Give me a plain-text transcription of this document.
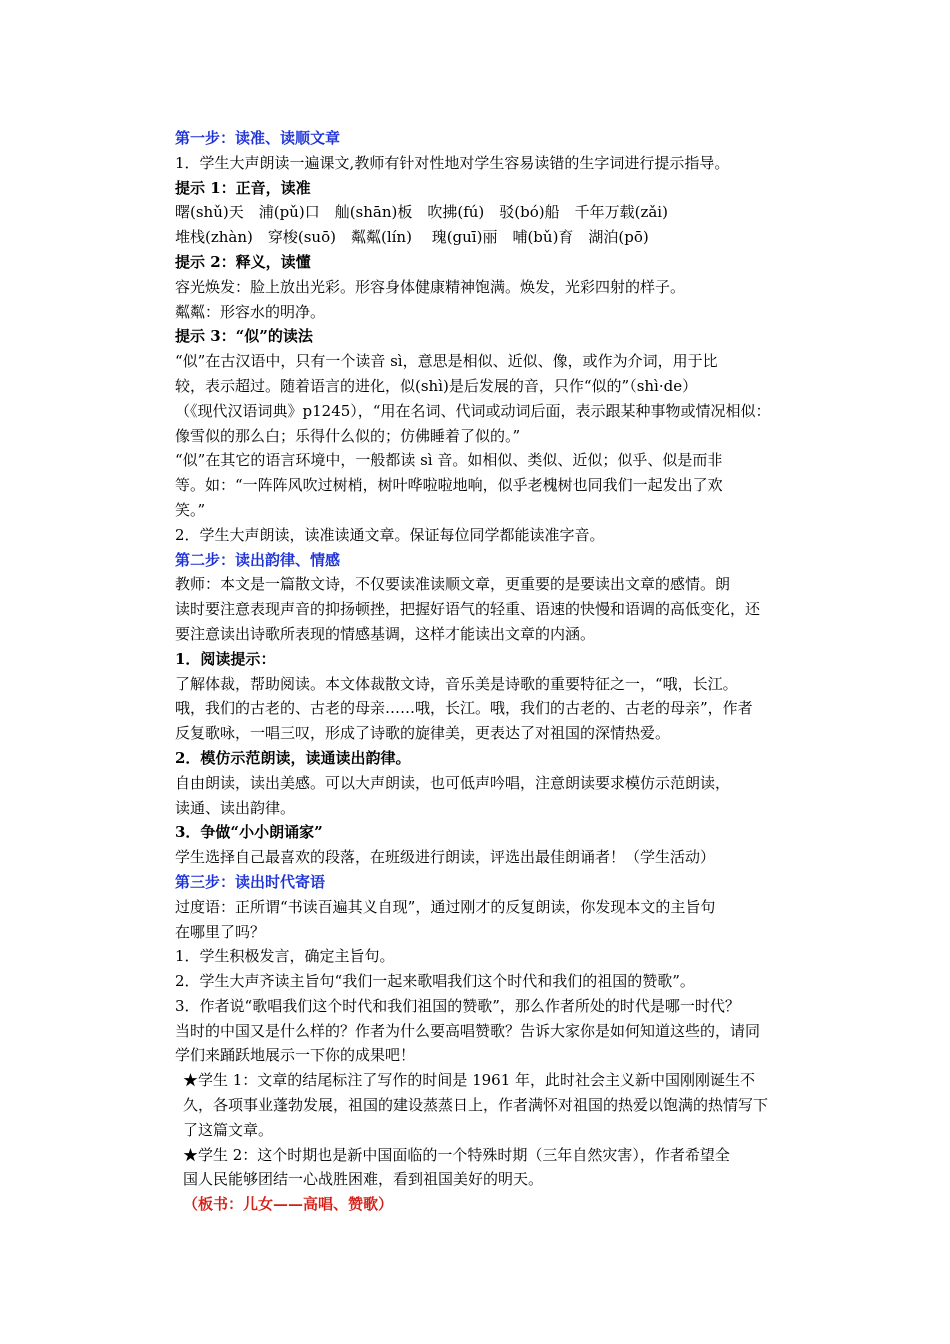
第一步：读准、读顺文章
1．学生大声朗读一遍课文,教师有针对性地对学生容易读错的生字词进行提示指导。
提示 1：正音，读准
曙(shǔ)天　浦(pǔ)口　舢(shān)板　吹拂(fú)　驳(bó)船　千年万载(zǎi)
堆栈(zhàn)　穿梭(suō)　粼粼(lín)　 瑰(guī)丽　哺(bǔ)育　湖泊(pō)
提示 2：释义，读懂
容光焕发：脸上放出光彩。形容身体健康精神饱满。焕发，光彩四射的样子。
粼粼：形容水的明净。
提示 3：“似”的读法
“似”在古汉语中，只有一个读音 sì，意思是相似、近似、像，或作为介词，用于比
较，表示超过。随着语言的进化，似(shì)是后发展的音，只作“似的”（shì·de）
（《现代汉语词典》p1245），“用在名词、代词或动词后面，表示跟某种事物或情况相似：
像雪似的那么白；乐得什么似的；仿佛睡着了似的。”
“似”在其它的语言环境中，一般都读 sì 音。如相似、类似、近似；似乎、似是而非
等。如：“一阵阵风吹过树梢，树叶哗啦啦地响，似乎老槐树也同我们一起发出了欢
笑。”
2．学生大声朗读，读准读通文章。保证每位同学都能读准字音。
第二步：读出韵律、情感
教师：本文是一篇散文诗，不仅要读准读顺文章，更重要的是要读出文章的感情。朗
读时要注意表现声音的抑扬顿挫，把握好语气的轻重、语速的快慢和语调的高低变化，还
要注意读出诗歌所表现的情感基调，这样才能读出文章的内涵。
1．阅读提示：
了解体裁，帮助阅读。本文体裁散文诗，音乐美是诗歌的重要特征之一，“哦，长江。
哦，我们的古老的、古老的母亲……哦，长江。哦，我们的古老的、古老的母亲”，作者
反复歌咏，一唱三叹，形成了诗歌的旋律美，更表达了对祖国的深情热爱。
2．模仿示范朗读，读通读出韵律。
自由朗读，读出美感。可以大声朗读，也可低声吟唱，注意朗读要求模仿示范朗读，
读通、读出韵律。
3．争做“小小朗诵家”
学生选择自己最喜欢的段落，在班级进行朗读，评选出最佳朗诵者！（学生活动）
第三步：读出时代寄语
过度语：正所谓“书读百遍其义自现”，通过刚才的反复朗读，你发现本文的主旨句
在哪里了吗？
1．学生积极发言，确定主旨句。
2．学生大声齐读主旨句“我们一起来歌唱我们这个时代和我们的祖国的赞歌”。
3．作者说“歌唱我们这个时代和我们祖国的赞歌”，那么作者所处的时代是哪一时代？
当时的中国又是什么样的？作者为什么要高唱赞歌？告诉大家你是如何知道这些的，请同
学们来踊跃地展示一下你的成果吧！
★学生 1：文章的结尾标注了写作的时间是 1961 年，此时社会主义新中国刚刚诞生不
久，各项事业蓬勃发展，祖国的建设蒸蒸日上，作者满怀对祖国的热爱以饱满的热情写下
了这篇文章。
★学生 2：这个时期也是新中国面临的一个特殊时期（三年自然灾害），作者希望全
国人民能够团结一心战胜困难，看到祖国美好的明天。
（板书：儿女——高唱、赞歌）
